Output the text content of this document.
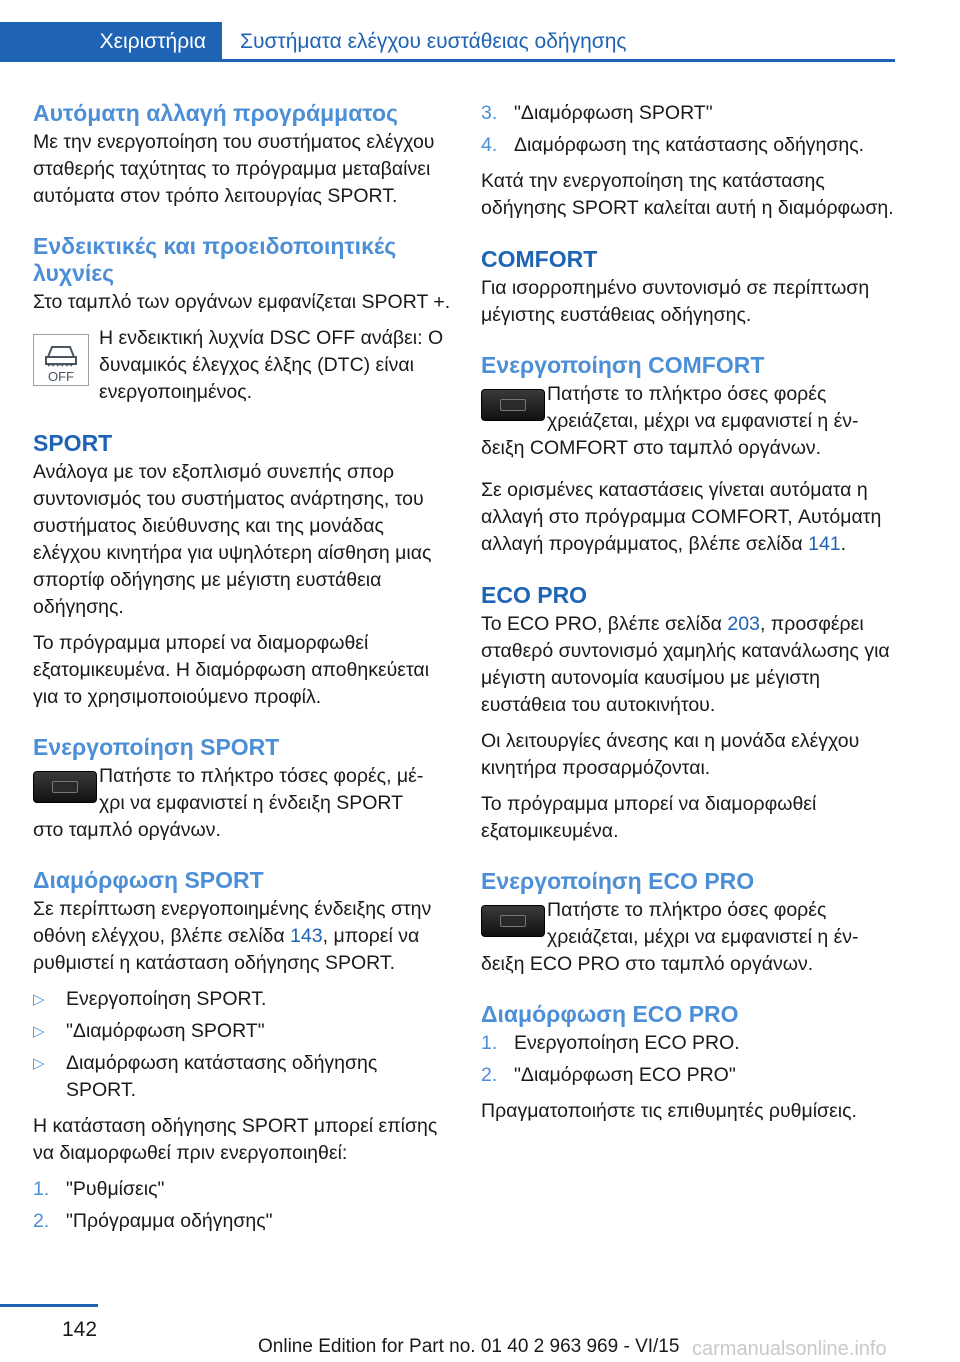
Χειριστήρια	Συστήματα ελέγχου ευστάθειας οδήγησης
Αυτόματη αλλαγή προγράμματος

Με την ενεργοποίηση του συστήματος ελέγχου σταθερής ταχύτητας το πρόγραμμα μεταβαίνει αυτόματα στον τρόπο λειτουργίας SPORT.

Ενδεικτικές και προειδοποιητικές λυχνίες

Στο ταμπλό των οργάνων εμφανίζεται SPORT +.

OFF

Η ενδεικτική λυχνία DSC OFF ανάβει: Ο δυναμικός έλεγχος έλξης (DTC) είναι ενεργοποιημένος.

SPORT

Ανάλογα με τον εξοπλισμό συνεπής σπορ συντονισμός του συστήματος ανάρτησης, του συστήματος διεύθυνσης και της μονάδας ελέγχου κινητήρα για υψηλότερη αίσθηση μιας σπορτίφ οδήγησης με μέγιστη ευστάθεια οδήγησης.

Το πρόγραμμα μπορεί να διαμορφωθεί εξατομικευμένα. Η διαμόρφωση αποθηκεύεται για το χρησιμοποιούμενο προφίλ.

Ενεργοποίηση SPORT
Πατήστε το πλήκτρο τόσες φορές, μέ-
χρι να εμφανιστεί η ένδειξη SPORT
στο ταμπλό οργάνων.
Διαμόρφωση SPORT

Σε περίπτωση ενεργοποιημένης ένδειξης στην οθόνη ελέγχου, βλέπε σελίδα 143, μπορεί να ρυθμιστεί η κατάσταση οδήγησης SPORT.

▷ Ενεργοποίηση SPORT.
▷ "Διαμόρφωση SPORT"
▷ Διαμόρφωση κατάστασης οδήγησης SPORT.

Η κατάσταση οδήγησης SPORT μπορεί επίσης να διαμορφωθεί πριν ενεργοποιηθεί:

1. "Ρυθμίσεις"
2. "Πρόγραμμα οδήγησης"
3. "Διαμόρφωση SPORT"
4. Διαμόρφωση της κατάστασης οδήγησης.

Κατά την ενεργοποίηση της κατάστασης οδήγησης SPORT καλείται αυτή η διαμόρφωση.

COMFORT

Για ισορροπημένο συντονισμό σε περίπτωση μέγιστης ευστάθειας οδήγησης.

Ενεργοποίηση COMFORT
Πατήστε το πλήκτρο όσες φορές
χρειάζεται, μέχρι να εμφανιστεί η έν-
δειξη COMFORT στο ταμπλό οργάνων.

Σε ορισμένες καταστάσεις γίνεται αυτόματα η αλλαγή στο πρόγραμμα COMFORT, Αυτόματη αλλαγή προγράμματος, βλέπε σελίδα 141.

ECO PRO

Το ECO PRO, βλέπε σελίδα 203, προσφέρει σταθερό συντονισμό χαμηλής κατανάλωσης για μέγιστη αυτονομία καυσίμου με μέγιστη ευστάθεια του αυτοκινήτου.

Οι λειτουργίες άνεσης και η μονάδα ελέγχου κινητήρα προσαρμόζονται.

Το πρόγραμμα μπορεί να διαμορφωθεί εξατομικευμένα.

Ενεργοποίηση ECO PRO
Πατήστε το πλήκτρο όσες φορές
χρειάζεται, μέχρι να εμφανιστεί η έν-
δειξη ECO PRO στο ταμπλό οργάνων.
Διαμόρφωση ECO PRO
1. Ενεργοποίηση ECO PRO.
2. "Διαμόρφωση ECO PRO"

Πραγματοποιήστε τις επιθυμητές ρυθμίσεις.

142
Online Edition for Part no. 01 40 2 963 969 - VI/15 carmanualsonline.info
